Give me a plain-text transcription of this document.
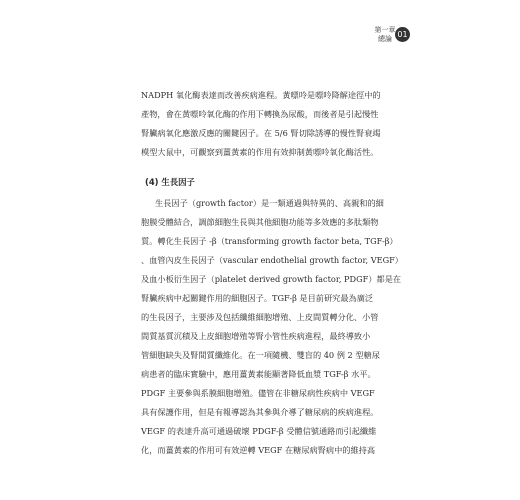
第一章
總論 01

NADPH 氧化酶表達而改善疾病進程。黃嘌呤是嘌呤降解途徑中的

產物，會在黃嘌呤氧化酶的作用下轉換為尿酸，而後者是引起慢性

腎臟病氧化應激反應的關鍵因子。在 5/6 腎切除誘導的慢性腎衰竭

模型大鼠中，可觀察到薑黃素的作用有效抑制黃嘌呤氧化酶活性。

(4) 生長因子

生長因子（growth factor）是一類通過與特異的、高親和的細

胞膜受體結合，調節細胞生長與其他細胞功能等多效應的多肽類物

質。轉化生長因子 -β（transforming growth factor beta, TGF-β）

、血管內皮生長因子（vascular endothelial growth factor, VEGF）

及血小板衍生因子（platelet derived growth factor, PDGF）都是在

腎臟疾病中起關鍵作用的細胞因子。TGF-β 是目前研究最為廣泛

的生長因子，主要涉及包括纖維細胞增殖、上皮間質轉分化、小管

間質基質沉積及上皮細胞增殖等腎小管性疾病進程，最終導致小

管細胞缺失及腎間質纖維化。在一項隨機、雙盲的 40 例 2 型糖尿

病患者的臨床實驗中，應用薑黃素能顯著降低血漿 TGF-β 水平。

PDGF 主要參與系膜細胞增殖。儘管在非糖尿病性疾病中 VEGF

具有保護作用，但是有報導認為其參與介導了糖尿病的疾病進程。

VEGF 的表達升高可通過破壞 PDGF-β 受體信號通路而引起纖維

化，而薑黃素的作用可有效逆轉 VEGF 在糖尿病腎病中的維持高
